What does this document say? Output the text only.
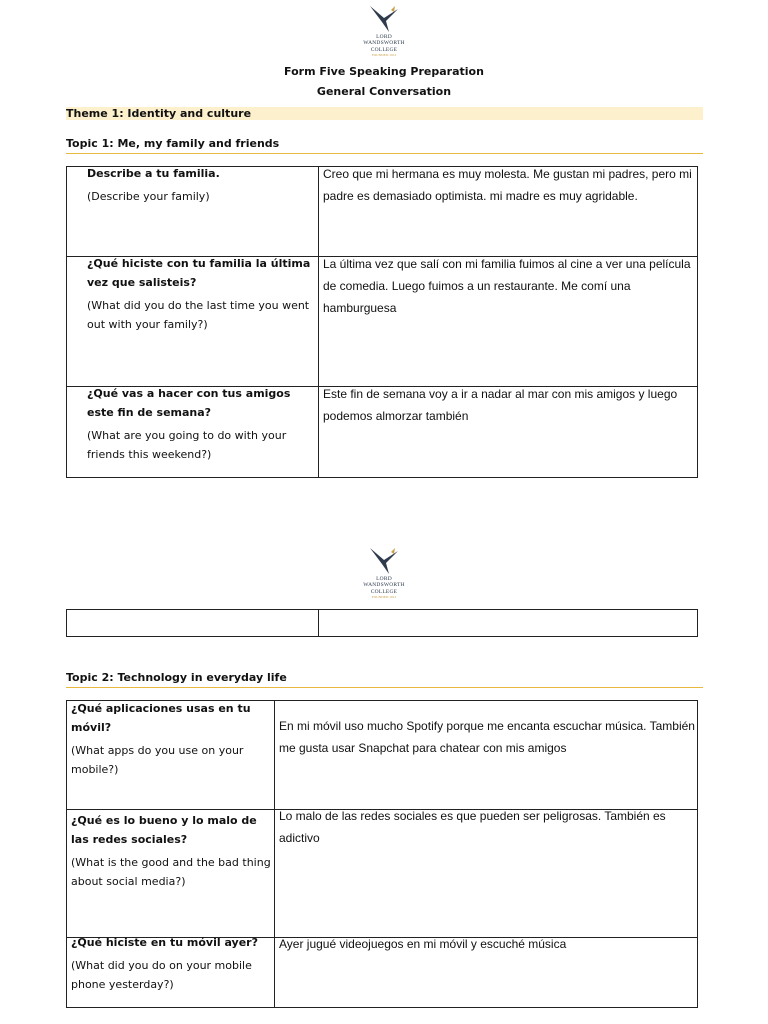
LORD
WANDSWORTH
COLLEGE
FOUNDED 1912
Form Five Speaking Preparation
General Conversation
Theme 1: Identity and culture
Topic 1: Me, my family and friends
Describe a tu familia.
(Describe your family)
Creo que mi hermana es muy molesta. Me gustan mi padres, pero mi padre es demasiado optimista. mi madre es muy agridable.
¿Qué hiciste con tu familia la última vez que salisteis?
(What did you do the last time you went out with your family?)
La última vez que salí con mi familia fuimos al cine a ver una película de comedia. Luego fuimos a un restaurante. Me comí una hamburguesa
¿Qué vas a hacer con tus amigos este fin de semana?
(What are you going to do with your friends this weekend?)
Este fin de semana voy a ir a nadar al mar con mis amigos y luego podemos almorzar también
LORD
WANDSWORTH
COLLEGE
FOUNDED 1912
Topic 2: Technology in everyday life
¿Qué aplicaciones usas en tu móvil?
(What apps do you use on your mobile?)
En mi móvil uso mucho Spotify porque me encanta escuchar música. También me gusta usar Snapchat para chatear con mis amigos
¿Qué es lo bueno y lo malo de las redes sociales?
(What is the good and the bad thing about social media?)
Lo malo de las redes sociales es que pueden ser peligrosas. También es adictivo
¿Qué hiciste en tu móvil ayer?
(What did you do on your mobile phone yesterday?)
Ayer jugué videojuegos en mi móvil y escuché música
